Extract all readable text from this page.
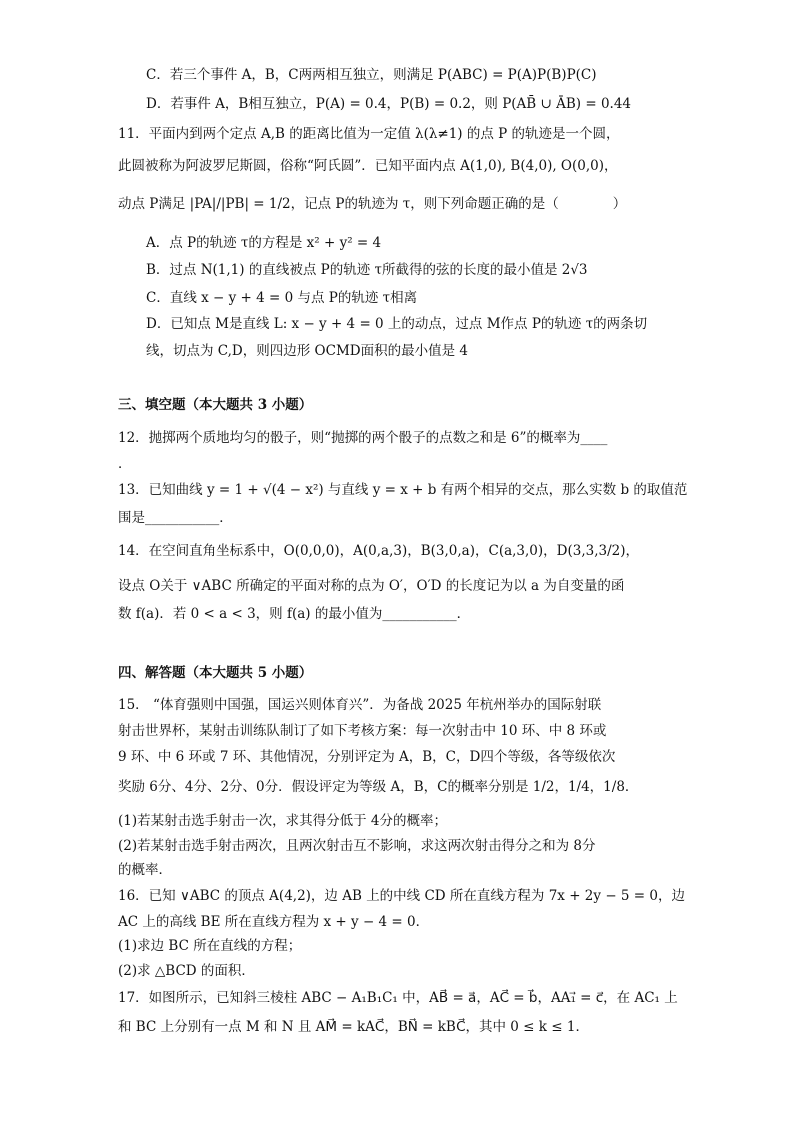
C．若三个事件 A，B，C两两相互独立，则满足 P(ABC) = P(A)P(B)P(C)
D．若事件 A，B相互独立，P(A) = 0.4，P(B) = 0.2，则 P(AB̄ ∪ ĀB) = 0.44
11．平面内到两个定点 A,B 的距离比值为一定值 λ(λ≠1) 的点 P 的轨迹是一个圆，
此圆被称为阿波罗尼斯圆，俗称“阿氏圆”．已知平面内点 A(1,0), B(4,0), O(0,0)，
动点 P满足 |PA|/|PB| = 1/2，记点 P的轨迹为 τ，则下列命题正确的是（　　　　）
A．点 P的轨迹 τ的方程是 x² + y² = 4
B．过点 N(1,1) 的直线被点 P的轨迹 τ所截得的弦的长度的最小值是 2√3
C．直线 x − y + 4 = 0 与点 P的轨迹 τ相离
D．已知点 M是直线 L: x − y + 4 = 0 上的动点，过点 M作点 P的轨迹 τ的两条切
线，切点为 C,D，则四边形 OCMD面积的最小值是 4
三、填空题（本大题共 3 小题）
12．抛掷两个质地均匀的骰子，则“抛掷的两个骰子的点数之和是 6”的概率为____
．
13．已知曲线 y = 1 + √(4 − x²) 与直线 y = x + b 有两个相异的交点，那么实数 b 的取值范
围是___________．
14．在空间直角坐标系中，O(0,0,0)，A(0,a,3)，B(3,0,a)，C(a,3,0)，D(3,3,3/2)，
设点 O关于 ∨ABC 所确定的平面对称的点为 O′，O′D 的长度记为以 a 为自变量的函
数 f(a)．若 0 < a < 3，则 f(a) 的最小值为___________．
四、解答题（本大题共 5 小题）
15． “体育强则中国强，国运兴则体育兴”．为备战 2025 年杭州举办的国际射联
射击世界杯，某射击训练队制订了如下考核方案：每一次射击中 10 环、中 8 环或
9 环、中 6 环或 7 环、其他情况，分别评定为 A，B，C，D四个等级，各等级依次
奖励 6分、4分、2分、0分．假设评定为等级 A，B，C的概率分别是 1/2，1/4，1/8．
(1)若某射击选手射击一次，求其得分低于 4分的概率；
(2)若某射击选手射击两次，且两次射击互不影响，求这两次射击得分之和为 8分
的概率．
16．已知 ∨ABC 的顶点 A(4,2)，边 AB 上的中线 CD 所在直线方程为 7x + 2y − 5 = 0，边
AC 上的高线 BE 所在直线方程为 x + y − 4 = 0．
(1)求边 BC 所在直线的方程；
(2)求 △BCD 的面积．
17．如图所示，已知斜三棱柱 ABC − A₁B₁C₁ 中，AB⃗ = a⃗，AC⃗ = b⃗，AA₁⃗ = c⃗，在 AC₁ 上
和 BC 上分别有一点 M 和 N 且 AM⃗ = kAC⃗，BN⃗ = kBC⃗，其中 0 ≤ k ≤ 1．
